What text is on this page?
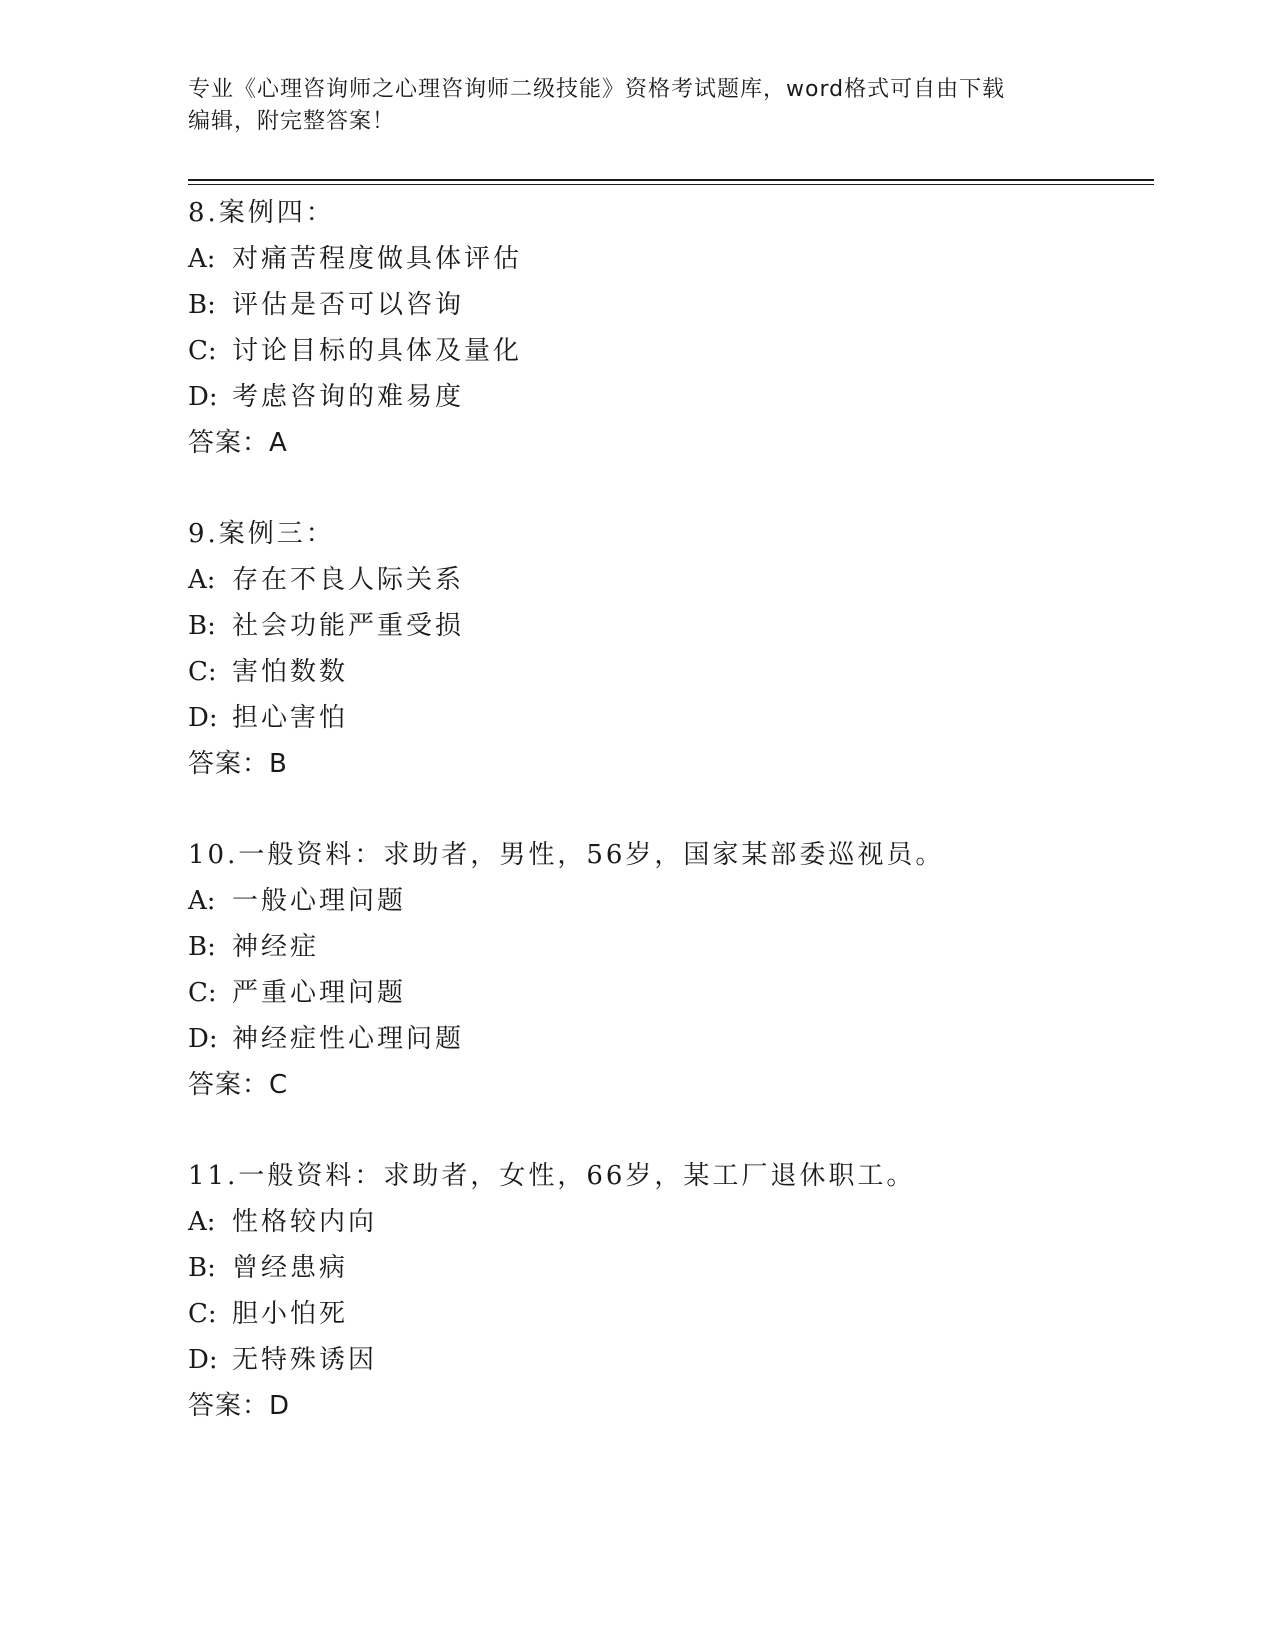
专业《心理咨询师之心理咨询师二级技能》资格考试题库，word格式可自由下载
编辑，附完整答案！
8.案例四：
A: 对痛苦程度做具体评估
B: 评估是否可以咨询
C: 讨论目标的具体及量化
D: 考虑咨询的难易度
答案：A
9.案例三：
A: 存在不良人际关系
B: 社会功能严重受损
C: 害怕数数
D: 担心害怕
答案：B
10.一般资料：求助者，男性，56岁，国家某部委巡视员。
A: 一般心理问题
B: 神经症
C: 严重心理问题
D: 神经症性心理问题
答案：C
11.一般资料：求助者，女性，66岁，某工厂退休职工。
A: 性格较内向
B: 曾经患病
C: 胆小怕死
D: 无特殊诱因
答案：D
